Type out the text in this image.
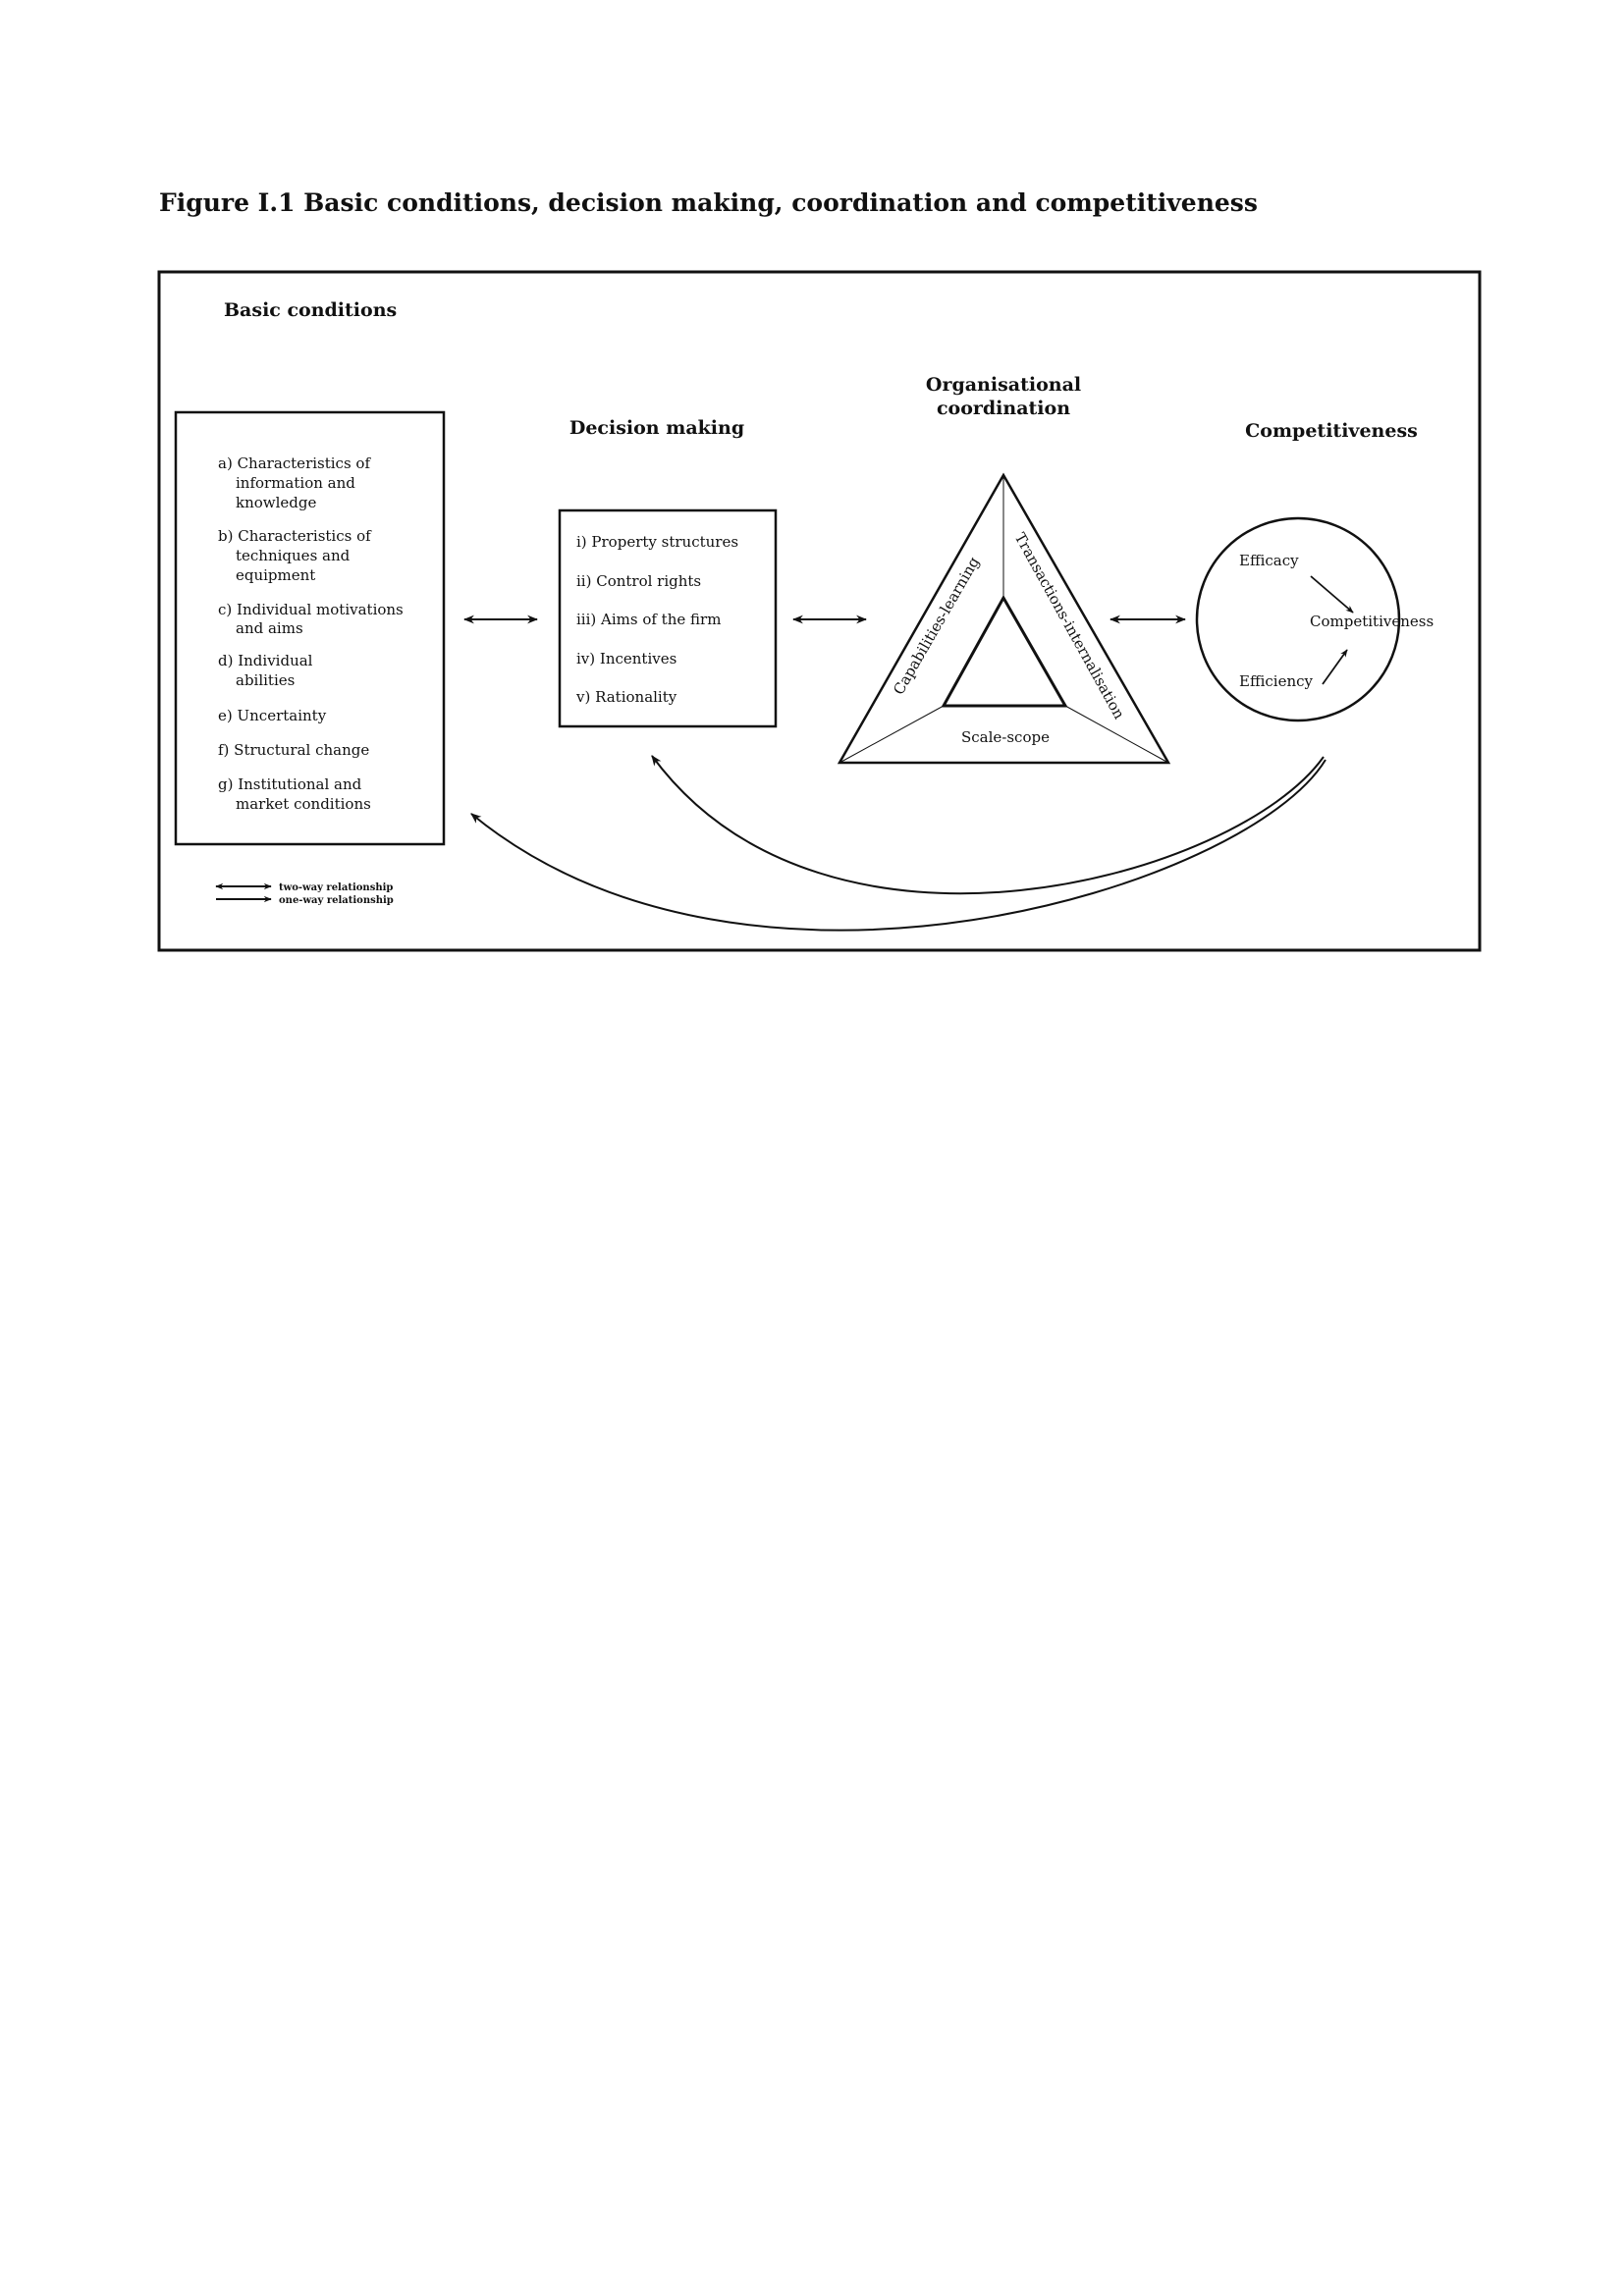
Figure I.1 Basic conditions, decision making, coordination and competitiveness
Basic conditions
a) Characteristics of
information and
knowledge
b) Characteristics of
techniques and
equipment
c) Individual motivations
and aims
d) Individual
abilities
e) Uncertainty
f) Structural change
g) Institutional and
market conditions
Decision making
i) Property structures
ii) Control rights
iii) Aims of the firm
iv) Incentives
v) Rationality
Organisational
coordination
Capabilities-learning Transactions-internalisation
Scale-scope
Competitiveness
Efficacy
Efficiency
Competitiveness
two-way relationship
one-way relationship
